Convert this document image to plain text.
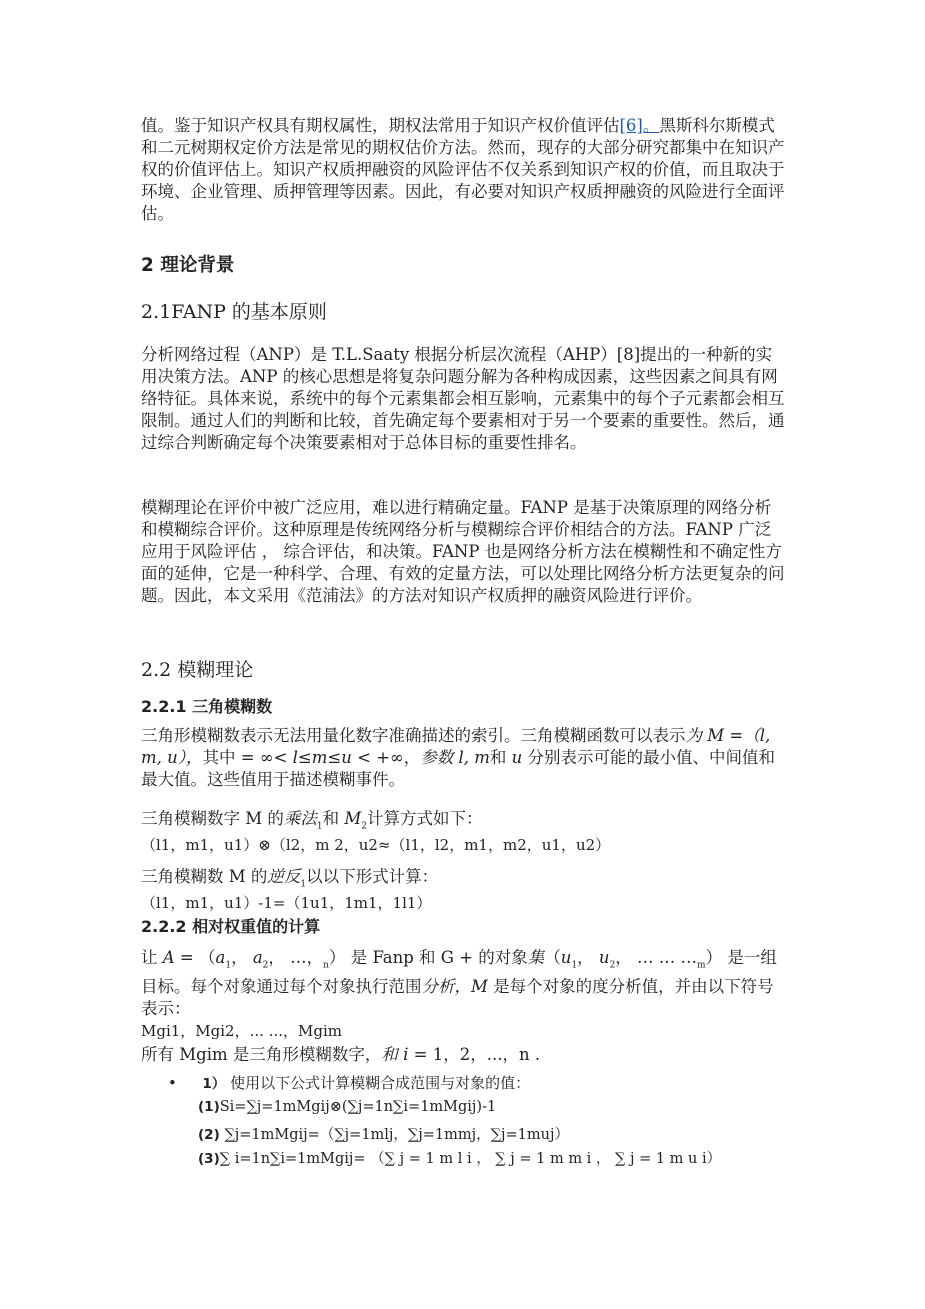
值。鉴于知识产权具有期权属性，期权法常用于知识产权价值评估[6]。黑斯科尔斯模式和二元树期权定价方法是常见的期权估价方法。然而，现存的大部分研究都集中在知识产权的价值评估上。知识产权质押融资的风险评估不仅关系到知识产权的价值，而且取决于环境、企业管理、质押管理等因素。因此，有必要对知识产权质押融资的风险进行全面评估。

2 理论背景
2.1FANP 的基本原则

分析网络过程（ANP）是 T.L.Saaty 根据分析层次流程（AHP）[8]提出的一种新的实用决策方法。ANP 的核心思想是将复杂问题分解为各种构成因素，这些因素之间具有网络特征。具体来说，系统中的每个元素集都会相互影响，元素集中的每个子元素都会相互限制。通过人们的判断和比较，首先确定每个要素相对于另一个要素的重要性。然后，通过综合判断确定每个决策要素相对于总体目标的重要性排名。

模糊理论在评价中被广泛应用，难以进行精确定量。FANP 是基于决策原理的网络分析和模糊综合评价。这种原理是传统网络分析与模糊综合评价相结合的方法。FANP 广泛应用于风险评估 ， 综合评估，和决策。FANP 也是网络分析方法在模糊性和不确定性方面的延伸，它是一种科学、合理、有效的定量方法，可以处理比网络分析方法更复杂的问题。因此，本文采用《范浦法》的方法对知识产权质押的融资风险进行评价。

2.2 模糊理论
2.2.1 三角模糊数

三角形模糊数表示无法用量化数字准确描述的索引。三角模糊函数可以表示为 M =（l, m, u），其中 = ∞< l≤m≤u < +∞，参数 l, m和 u 分别表示可能的最小值、中间值和最大值。这些值用于描述模糊事件。

三角模糊数字 M 的乘法$_1$和 $M_2$计算方式如下：

（l1，m1，u1）⊗（l2，m 2，u2≈（l1，l2，m1，m2，u1，u2）

三角模糊数 M 的逆反$_1$以以下形式计算：

（l1，m1，u1）-1=（1u1，1m1，1l1）
2.2.2 相对权重值的计算

让 $A = (a_1$， $a_2$， …，$_n$） 是 Fanp 和 G + 的对象集（$u_1$， $u_2$， … … $\dots_m$） 是一组目标。每个对象通过每个对象执行范围分析，M 是每个对象的度分析值，并由以下符号表示：

Mgi1，Mgi2，... ...，Mgim

所有 Mgim 是三角形模糊数字，和 i = 1，2，...，n .

• 1） 使用以下公式计算模糊合成范围与对象的值：
(1)Si=∑j=1mMgij⊗(∑j=1n∑i=1mMgij)-1
(2) ∑j=1mMgij=（∑j=1mlj，∑j=1mmj，∑j=1muj）
(3)∑ i=1n∑i=1mMgij= （∑ j = 1 m l i ， ∑ j = 1 m m i ， ∑ j = 1 m u i）
